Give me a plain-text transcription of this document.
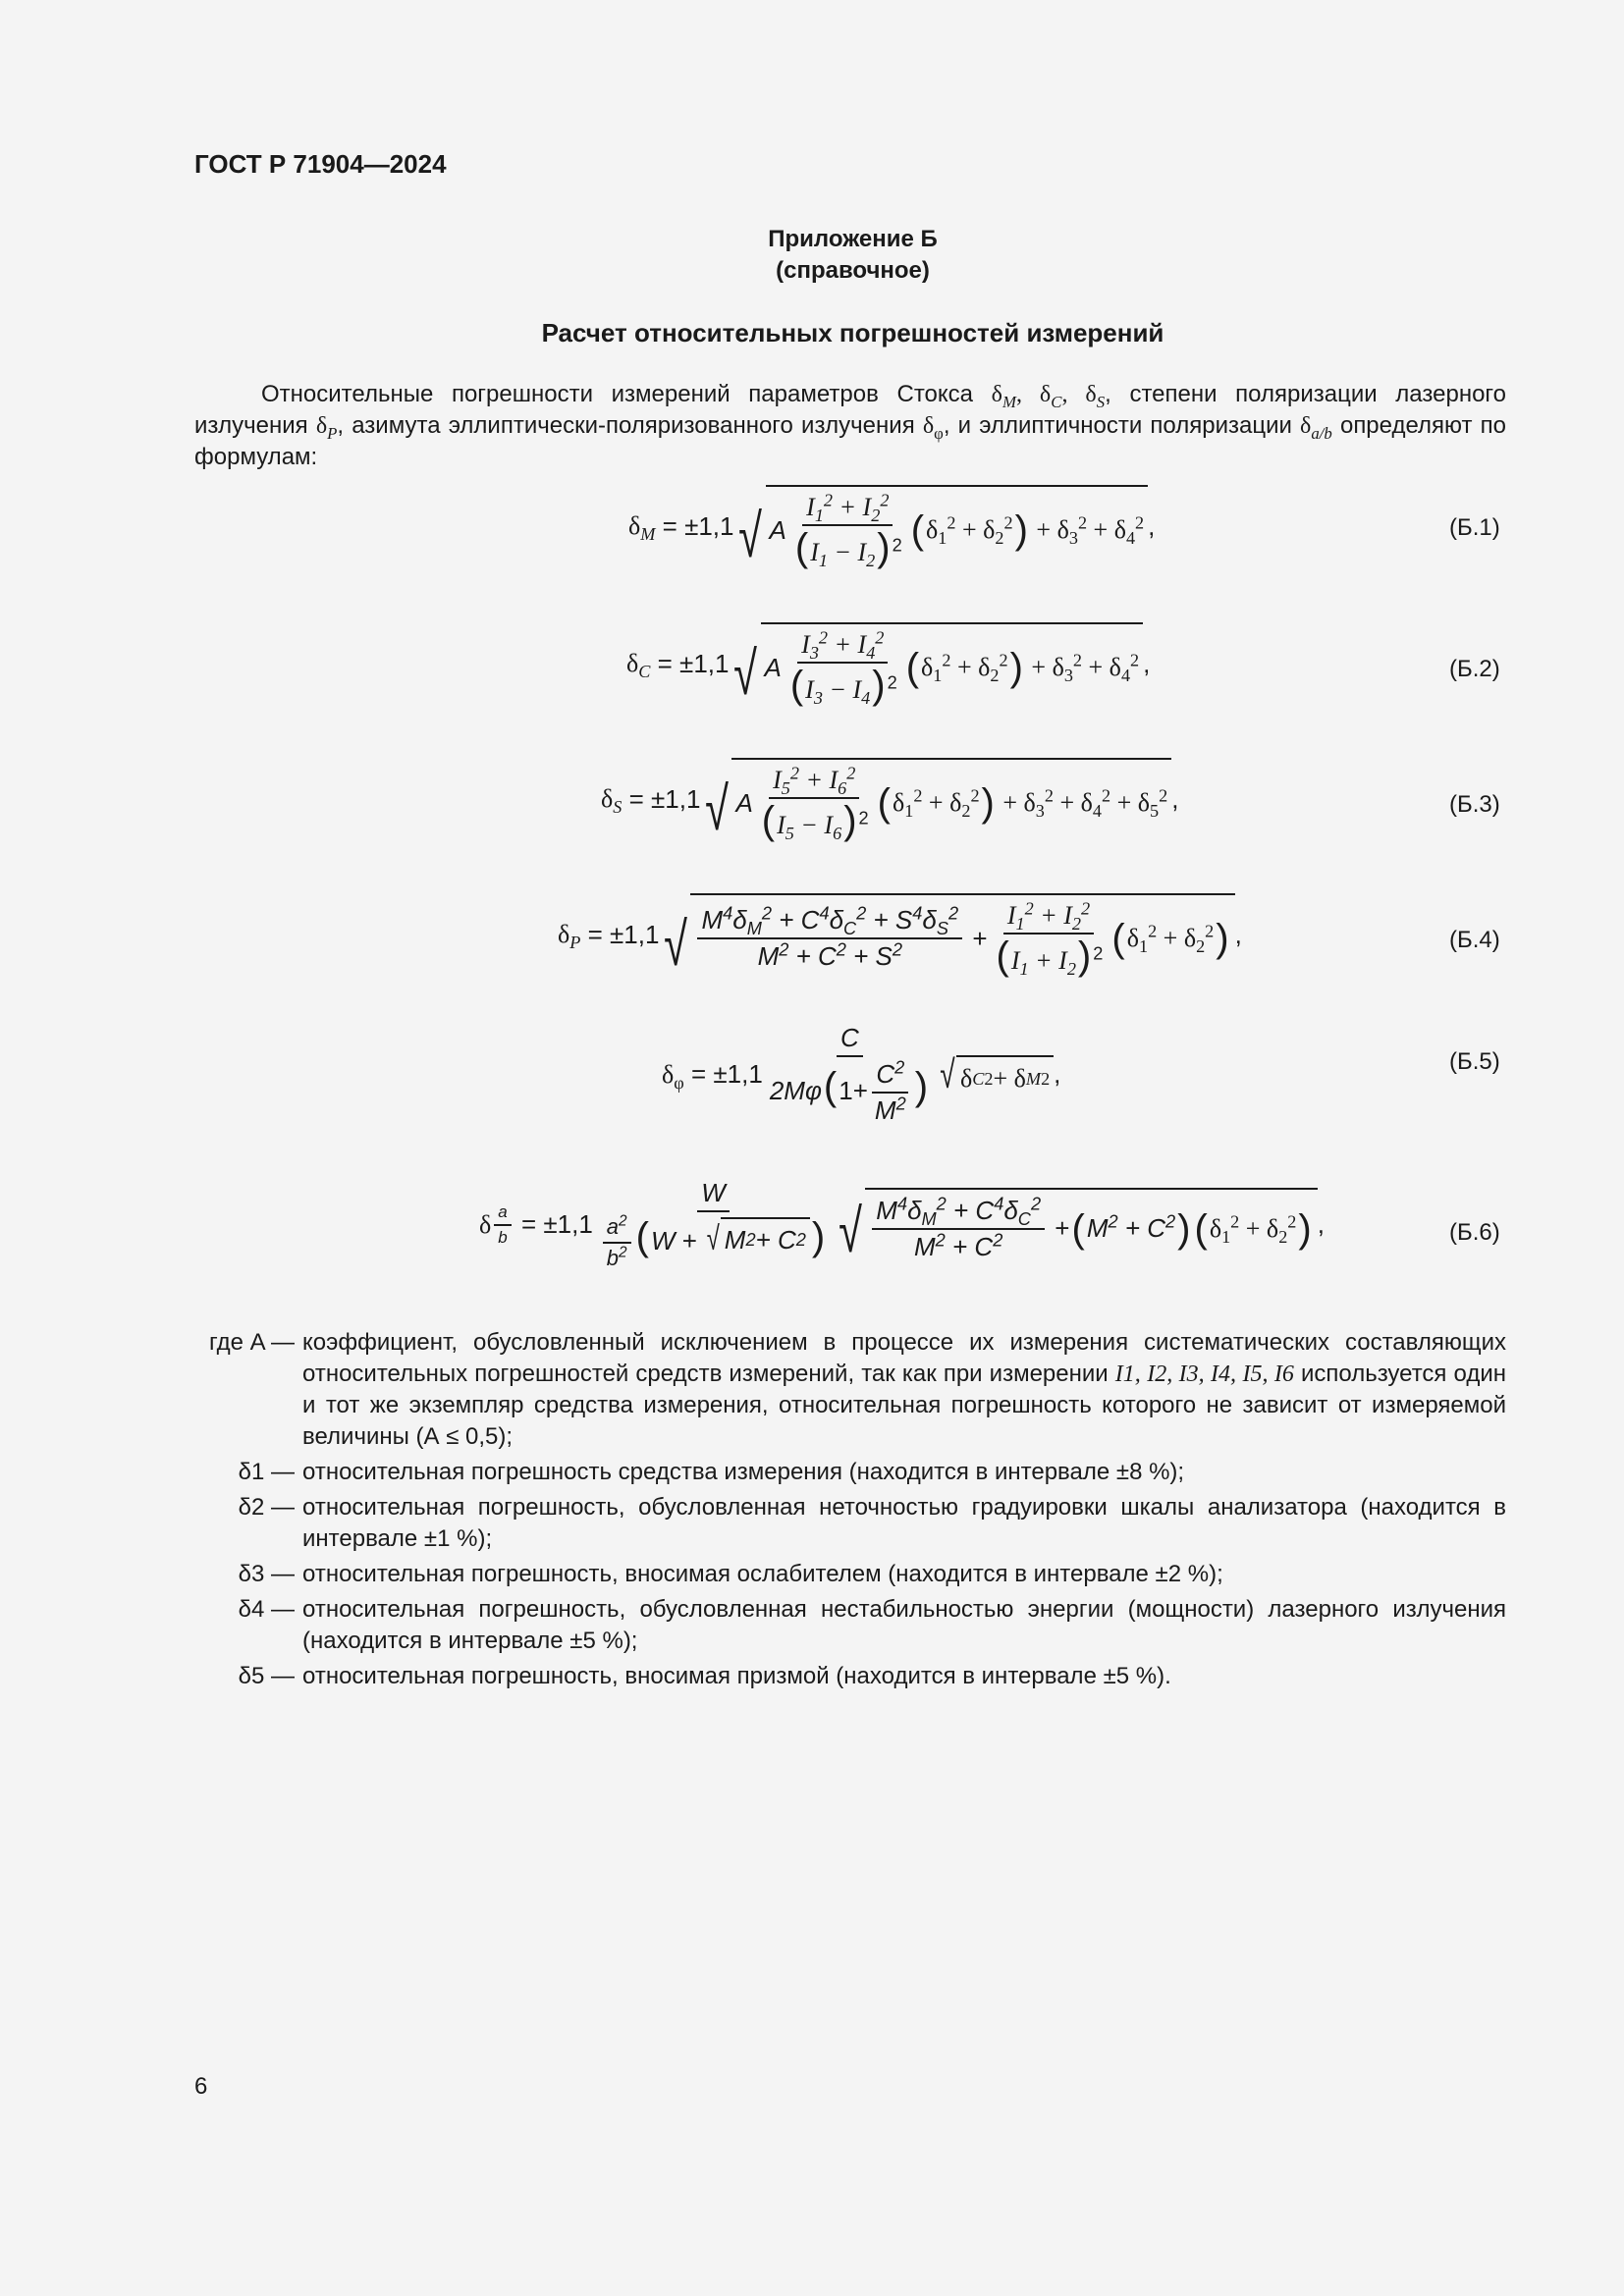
ГОСТ Р 71904—2024
Приложение Б
(справочное)
Расчет относительных погрешностей измерений

Относительные погрешности измерений параметров Стокса $\delta_M$, $\delta_C$, $\delta_S$, степени поляризации лазерного излучения $\delta_P$, азимута эллиптически-поляризованного излучения $\delta_\varphi$, и эллиптичности поляризации $\delta_{a/b}$ определяют по формулам:

$\delta_M = \pm 1,1$ √ A $\frac{I_1^2 + I_2^2}{(I_1 - I_2) ^2}$ ( $\delta_1^2 + \delta_2^2$ ) + $\delta_3^2 + \delta_4^2$ ,	(Б.1)
$\delta_C = \pm 1,1$ √ A $\frac{I_3^2 + I_4^2}{(I_3 - I_4) ^2}$ ( $\delta_1^2 + \delta_2^2$ ) + $\delta_3^2 + \delta_4^2$ ,	(Б.2)
$\delta_S = \pm 1,1$ √ A $\frac{I_5^2 + I_6^2}{(I_5 - I_6) ^2}$ ( $\delta_1^2 + \delta_2^2$ ) + $\delta_3^2 + \delta_4^2 + \delta_5^2$ ,	(Б.3)
$\delta_P = \pm 1,1$ √ $\frac{M^4\delta_M^2 + C^4\delta_C^2 + S^4\delta_S^2}{M^2 + C^2 + S^2} + \frac{I_1^2 + I_2^2}{(I_1 + I_2) ^2}$ ( $\delta_1^2 + \delta_2^2$ ) ,	(Б.4)
$\delta_\varphi = \pm 1,1 \frac{C}{2M\varphi(1+ \frac{C^2}{M^2} )}$ √ δ C 2 + δ M 2 ,	(Б.5)
δ $\frac{a}{b} = \pm 1,1 \frac{W}{\frac{a^2}{b^2} (W + √ M 2 + C 2 )}$ √ $\frac{M^4\delta_M^2 + C^4\delta_C^2}{M^2 + C^2}$ + ( $M^2 + C^2$ ) ( $\delta_1^2 + \delta_2^2$ ) ,	(Б.6)
где A — коэффициент, обусловленный исключением в процессе их измерения систематических составляющих относительных погрешностей средств измерений, так как при измерении I1, I2, I3, I4, I5, I6 используется один и тот же экземпляр средства измерения, относительная погрешность которого не зависит от измеряемой величины (А ≤ 0,5);
δ1 — относительная погрешность средства измерения (находится в интервале ±8 %);
δ2 — относительная погрешность, обусловленная неточностью градуировки шкалы анализатора (находится в интервале ±1 %);
δ3 — относительная погрешность, вносимая ослабителем (находится в интервале ±2 %);
δ4 — относительная погрешность, обусловленная нестабильностью энергии (мощности) лазерного излучения (находится в интервале ±5 %);
δ5 — относительная погрешность, вносимая призмой (находится в интервале ±5 %).
6
